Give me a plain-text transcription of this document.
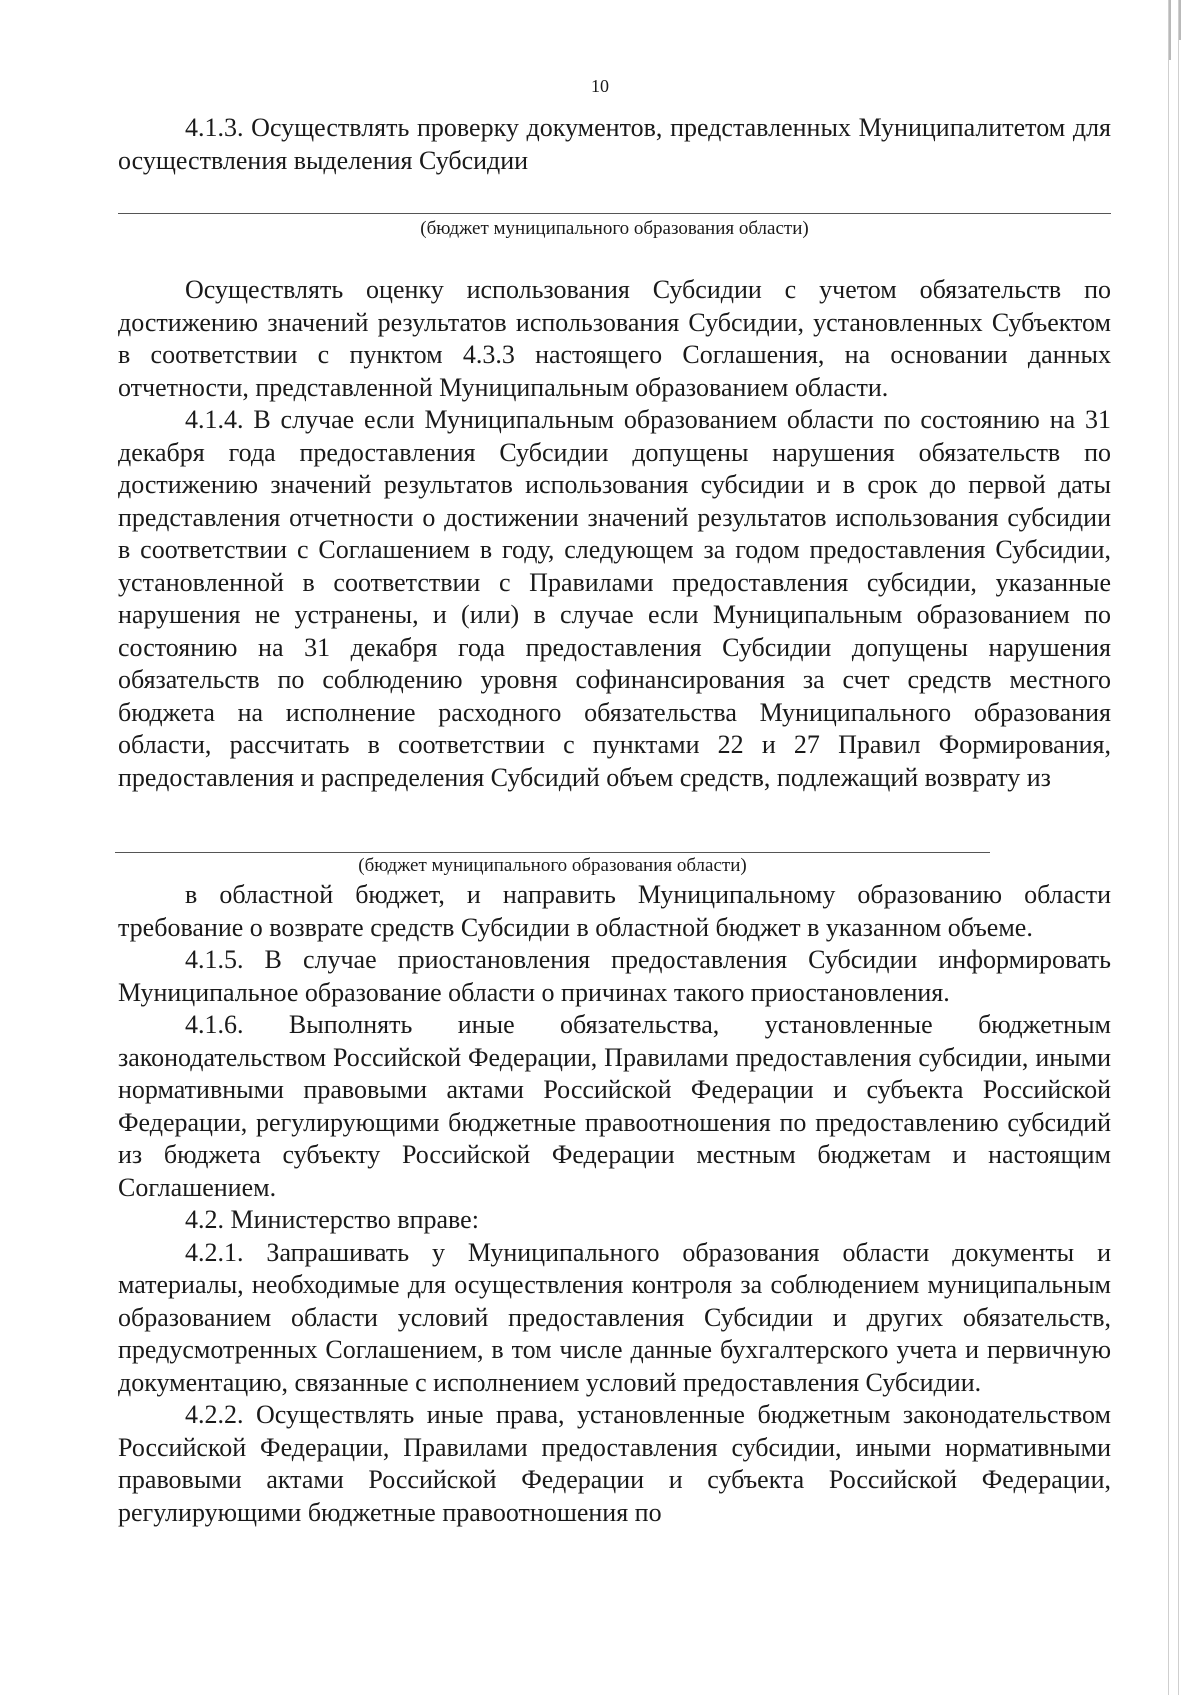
10

4.1.3. Осуществлять проверку документов, представленных Муниципалитетом для осуществления выделения Субсидии

(бюджет муниципального образования области)

Осуществлять оценку использования Субсидии с учетом обязательств по достижению значений результатов использования Субсидии, установленных Субъектом в соответствии с пунктом 4.3.3 настоящего Соглашения, на основании данных отчетности, представленной Муниципальным образованием области.

4.1.4. В случае если Муниципальным образованием области по состоянию на 31 декабря года предоставления Субсидии допущены нарушения обязательств по достижению значений результатов использования субсидии и в срок до первой даты представления отчетности о достижении значений результатов использования субсидии в соответствии с Соглашением в году, следующем за годом предоставления Субсидии, установленной в соответствии с Правилами предоставления субсидии, указанные нарушения не устранены, и (или) в случае если Муниципальным образованием по состоянию на 31 декабря года предоставления Субсидии допущены нарушения обязательств по соблюдению уровня софинансирования за счет средств местного бюджета на исполнение расходного обязательства Муниципального образования области, рассчитать в соответствии с пунктами 22 и 27 Правил Формирования, предоставления и распределения Субсидий объем средств, подлежащий возврату из

(бюджет муниципального образования области)

в областной бюджет, и направить Муниципальному образованию области требование о возврате средств Субсидии в областной бюджет в указанном объеме.

4.1.5. В случае приостановления предоставления Субсидии информировать Муниципальное образование области о причинах такого приостановления.

4.1.6. Выполнять иные обязательства, установленные бюджетным законодательством Российской Федерации, Правилами предоставления субсидии, иными нормативными правовыми актами Российской Федерации и субъекта Российской Федерации, регулирующими бюджетные правоотношения по предоставлению субсидий из бюджета субъекту Российской Федерации местным бюджетам и настоящим Соглашением.

4.2. Министерство вправе:

4.2.1. Запрашивать у Муниципального образования области документы и материалы, необходимые для осуществления контроля за соблюдением муниципальным образованием области условий предоставления Субсидии и других обязательств, предусмотренных Соглашением, в том числе данные бухгалтерского учета и первичную документацию, связанные с исполнением условий предоставления Субсидии.

4.2.2. Осуществлять иные права, установленные бюджетным законодательством Российской Федерации, Правилами предоставления субсидии, иными нормативными правовыми актами Российской Федерации и субъекта Российской Федерации, регулирующими бюджетные правоотношения по
